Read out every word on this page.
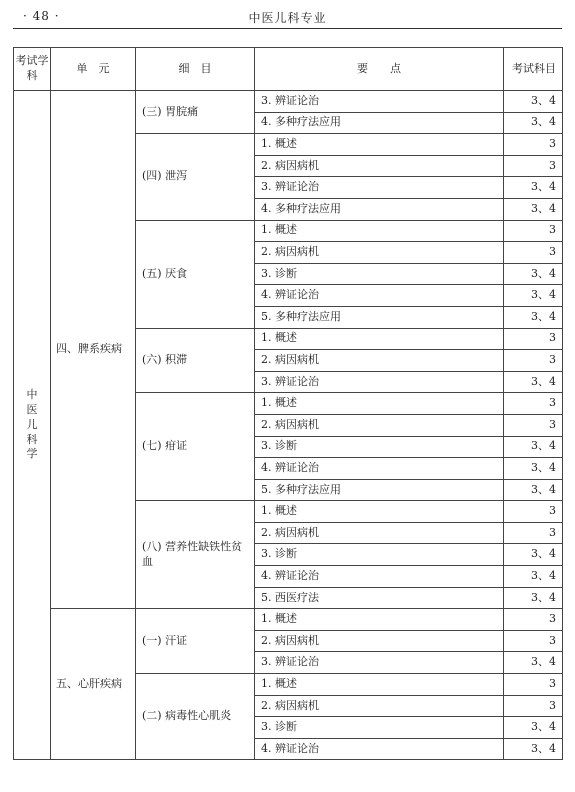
· 48 ·	中医儿科专业
考试学科	单　元	细　目	要　　点	考试科目
中医儿科学	四、脾系疾病	(三) 胃脘痛	3. 辨证论治	3、4
			4. 多种疗法应用	3、4
		(四) 泄泻	1. 概述	3
			2. 病因病机	3
			3. 辨证论治	3、4
			4. 多种疗法应用	3、4
		(五) 厌食	1. 概述	3
			2. 病因病机	3
			3. 诊断	3、4
			4. 辨证论治	3、4
			5. 多种疗法应用	3、4
		(六) 积滞	1. 概述	3
			2. 病因病机	3
			3. 辨证论治	3、4
		(七) 疳证	1. 概述	3
			2. 病因病机	3
			3. 诊断	3、4
			4. 辨证论治	3、4
			5. 多种疗法应用	3、4
		(八) 营养性缺铁性贫血	1. 概述	3
			2. 病因病机	3
			3. 诊断	3、4
			4. 辨证论治	3、4
			5. 西医疗法	3、4
	五、心肝疾病	(一) 汗证	1. 概述	3
			2. 病因病机	3
			3. 辨证论治	3、4
		(二) 病毒性心肌炎	1. 概述	3
			2. 病因病机	3
			3. 诊断	3、4
			4. 辨证论治	3、4
